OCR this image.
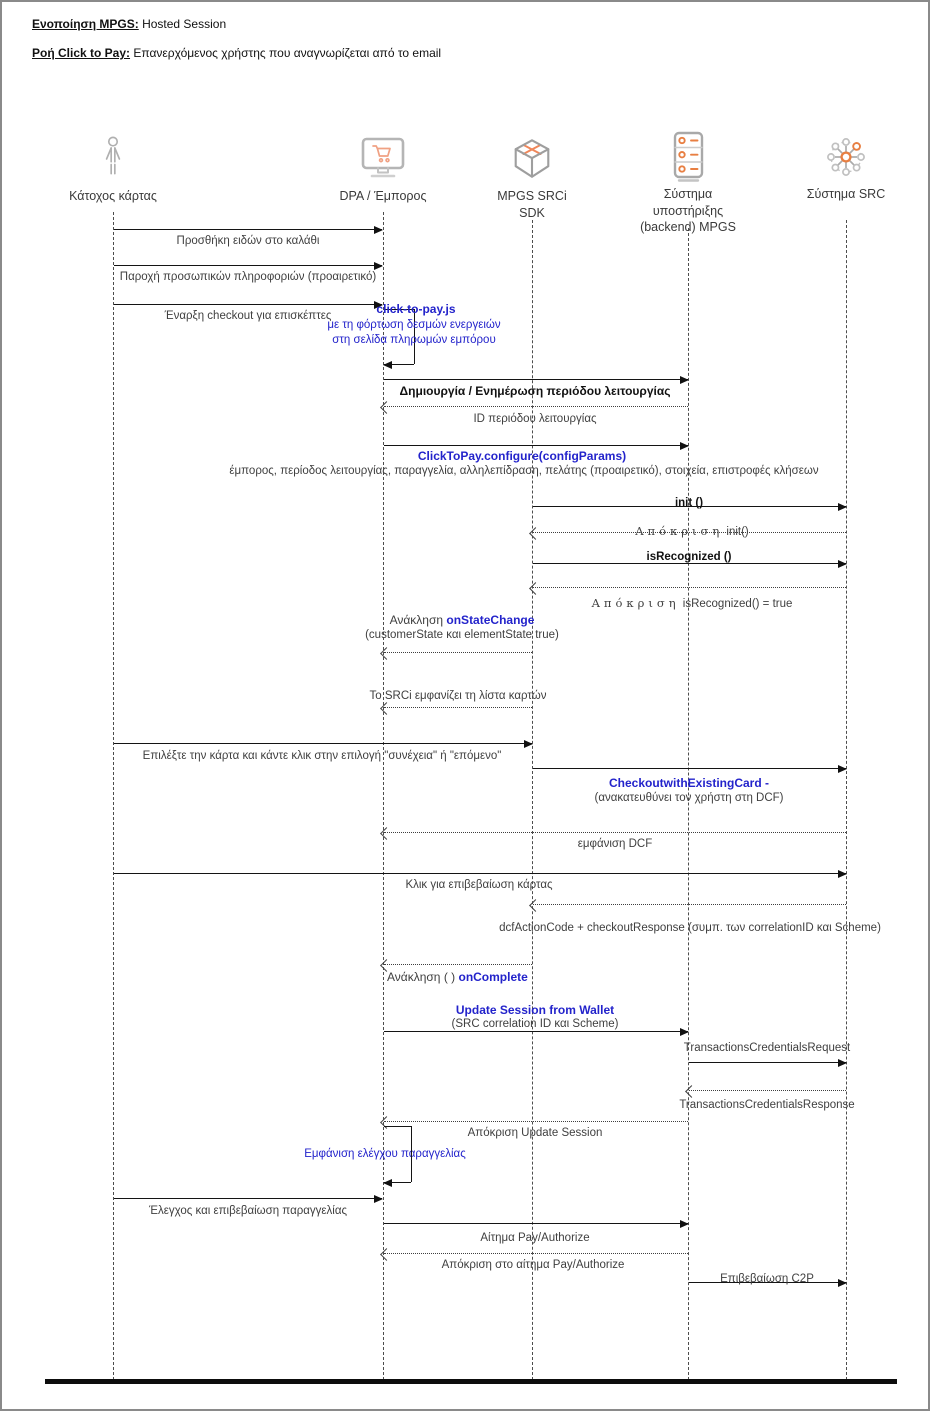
Ενοποίηση MPGS: Hosted Session
Ροή Click to Pay: Επανερχόμενος χρήστης που αναγνωρίζεται από το email
Κάτοχος κάρτας	DPA / Έμπορος	MPGS SRCi SDK
Σύστημα υποστήριξης (backend) MPGS
Σύστημα SRC
Προσθήκη ειδών στο καλάθι
Παροχή προσωπικών πληροφοριών (προαιρετικό)
Έναρξη checkout για επισκέπτες	click-to-pay.js
με τη φόρτωση δεσμών ενεργειών
στη σελίδα πληρωμών εμπόρου
Δημιουργία / Ενημέρωση περιόδου λειτουργίας
ID περιόδου λειτουργίας
ClickToPay.configure(configParams)
έμπορος, περίοδος λειτουργίας, παραγγελία, αλληλεπίδραση, πελάτης (προαιρετικό), στοιχεία, επιστροφές κλήσεων
init ()
Απόκριση init()
isRecognized ()
Απόκριση isRecognized() = true
Ανάκληση onStateChange
(customerState και elementState true)
Το SRCi εμφανίζει τη λίστα καρτών
Επιλέξτε την κάρτα και κάντε κλικ στην επιλογή "συνέχεια" ή "επόμενο"
CheckoutwithExistingCard -
(ανακατευθύνει τον χρήστη στη DCF)
εμφάνιση DCF
Κλικ για επιβεβαίωση κάρτας
dcfActionCode + checkoutResponse (συμπ. των correlationID και Scheme)
Ανάκληση ( ) onComplete
Update Session from Wallet
(SRC correlation ID και Scheme)
TransactionsCredentialsRequest
TransactionsCredentialsResponse
Απόκριση Update Session
Εμφάνιση ελέγχου παραγγελίας
Έλεγχος και επιβεβαίωση παραγγελίας
Αίτημα Pay/Authorize
Απόκριση στο αίτημα Pay/Authorize
Επιβεβαίωση C2P
